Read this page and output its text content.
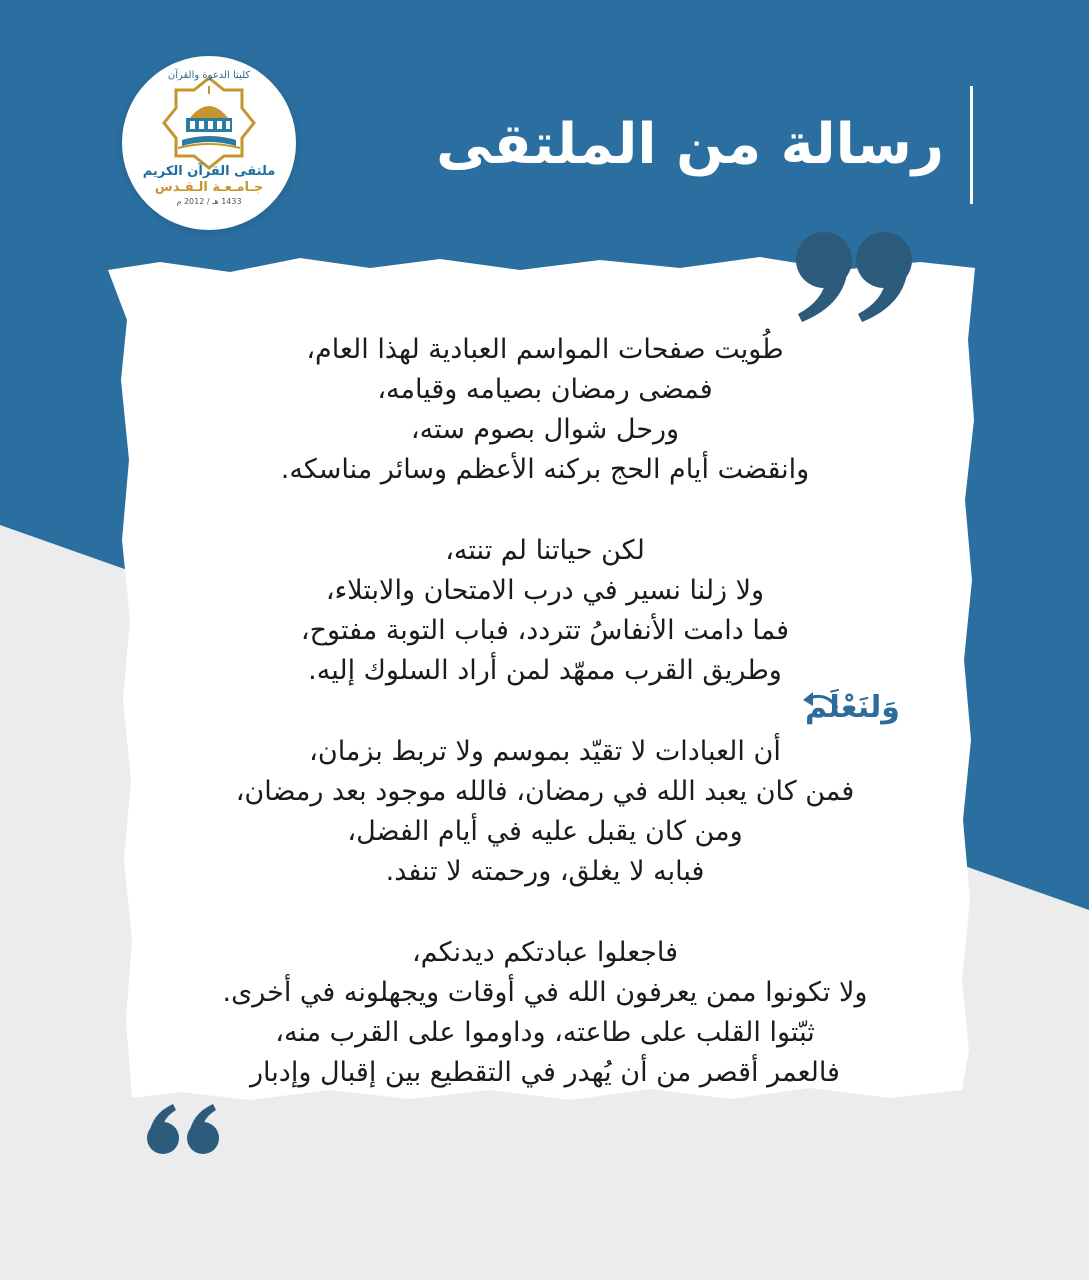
كليتا الدعوة والقرآن
ملتقى القرآن الكريم
جـامـعـة الـقـدس
1433 هـ / 2012 م
رسالة من الملتقى
وَلنَعْلَم
طُويت صفحات المواسم العبادية لهذا العام،
فمضى رمضان بصيامه وقيامه،
ورحل شوال بصوم سته،
وانقضت أيام الحج بركنه الأعظم وسائر مناسكه.
لكن حياتنا لم تنته،
ولا زلنا نسير في درب الامتحان والابتلاء،
فما دامت الأنفاسُ تتردد، فباب التوبة مفتوح،
وطريق القرب ممهّد لمن أراد السلوك إليه.
أن العبادات لا تقيّد بموسم ولا تربط بزمان،
فمن كان يعبد الله في رمضان، فالله موجود بعد رمضان،
ومن كان يقبل عليه في أيام الفضل،
فبابه لا يغلق، ورحمته لا تنفد.
فاجعلوا عبادتكم ديدنكم،
ولا تكونوا ممن يعرفون الله في أوقات ويجهلونه في أخرى.
ثبّتوا القلب على طاعته، وداوموا على القرب منه،
فالعمر أقصر من أن يُهدر في التقطيع بين إقبال وإدبار
